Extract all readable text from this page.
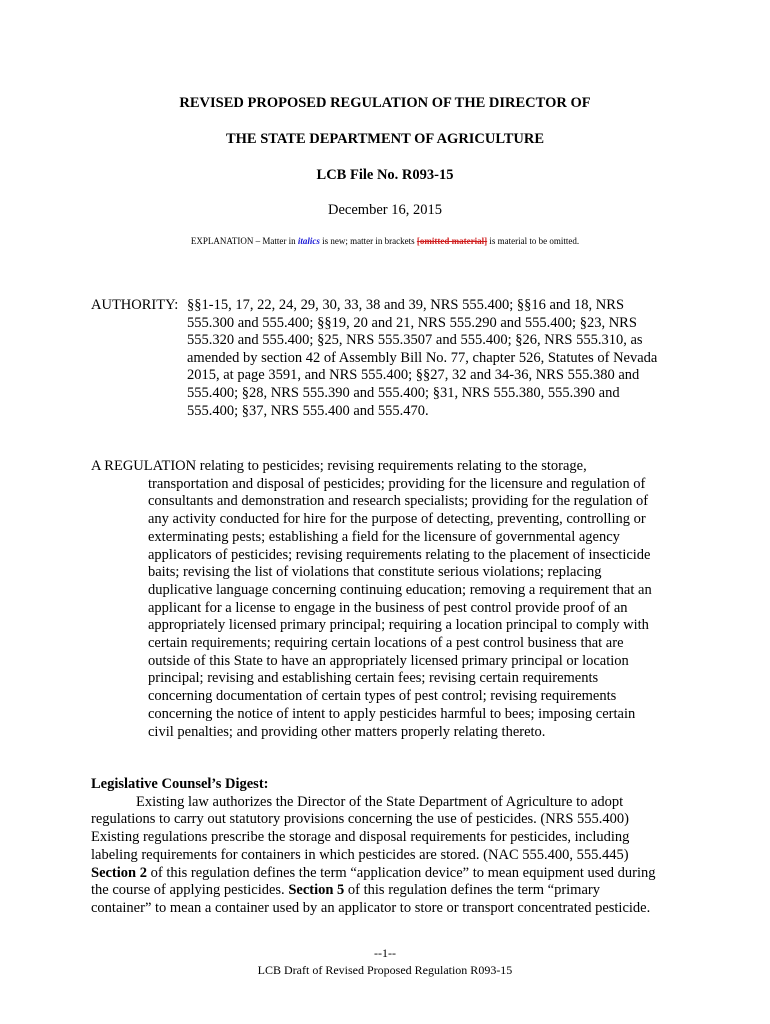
REVISED PROPOSED REGULATION OF THE DIRECTOR OF
THE STATE DEPARTMENT OF AGRICULTURE
LCB File No. R093-15
December 16, 2015
EXPLANATION – Matter in italics is new; matter in brackets [omitted material] is material to be omitted.
AUTHORITY: §§1-15, 17, 22, 24, 29, 30, 33, 38 and 39, NRS 555.400; §§16 and 18, NRS
555.300 and 555.400; §§19, 20 and 21, NRS 555.290 and 555.400; §23, NRS
555.320 and 555.400; §25, NRS 555.3507 and 555.400; §26, NRS 555.310, as
amended by section 42 of Assembly Bill No. 77, chapter 526, Statutes of Nevada
2015, at page 3591, and NRS 555.400; §§27, 32 and 34-36, NRS 555.380 and
555.400; §28, NRS 555.390 and 555.400; §31, NRS 555.380, 555.390 and
555.400; §37, NRS 555.400 and 555.470.
A REGULATION relating to pesticides; revising requirements relating to the storage,
transportation and disposal of pesticides; providing for the licensure and regulation of
consultants and demonstration and research specialists; providing for the regulation of
any activity conducted for hire for the purpose of detecting, preventing, controlling or
exterminating pests; establishing a field for the licensure of governmental agency
applicators of pesticides; revising requirements relating to the placement of insecticide
baits; revising the list of violations that constitute serious violations; replacing
duplicative language concerning continuing education; removing a requirement that an
applicant for a license to engage in the business of pest control provide proof of an
appropriately licensed primary principal; requiring a location principal to comply with
certain requirements; requiring certain locations of a pest control business that are
outside of this State to have an appropriately licensed primary principal or location
principal; revising and establishing certain fees; revising certain requirements
concerning documentation of certain types of pest control; revising requirements
concerning the notice of intent to apply pesticides harmful to bees; imposing certain
civil penalties; and providing other matters properly relating thereto.
Legislative Counsel’s Digest:
Existing law authorizes the Director of the State Department of Agriculture to adopt
regulations to carry out statutory provisions concerning the use of pesticides. (NRS 555.400)
Existing regulations prescribe the storage and disposal requirements for pesticides, including
labeling requirements for containers in which pesticides are stored. (NAC 555.400, 555.445)
Section 2 of this regulation defines the term “application device” to mean equipment used during
the course of applying pesticides. Section 5 of this regulation defines the term “primary
container” to mean a container used by an applicator to store or transport concentrated pesticide.
--1--
LCB Draft of Revised Proposed Regulation R093-15
